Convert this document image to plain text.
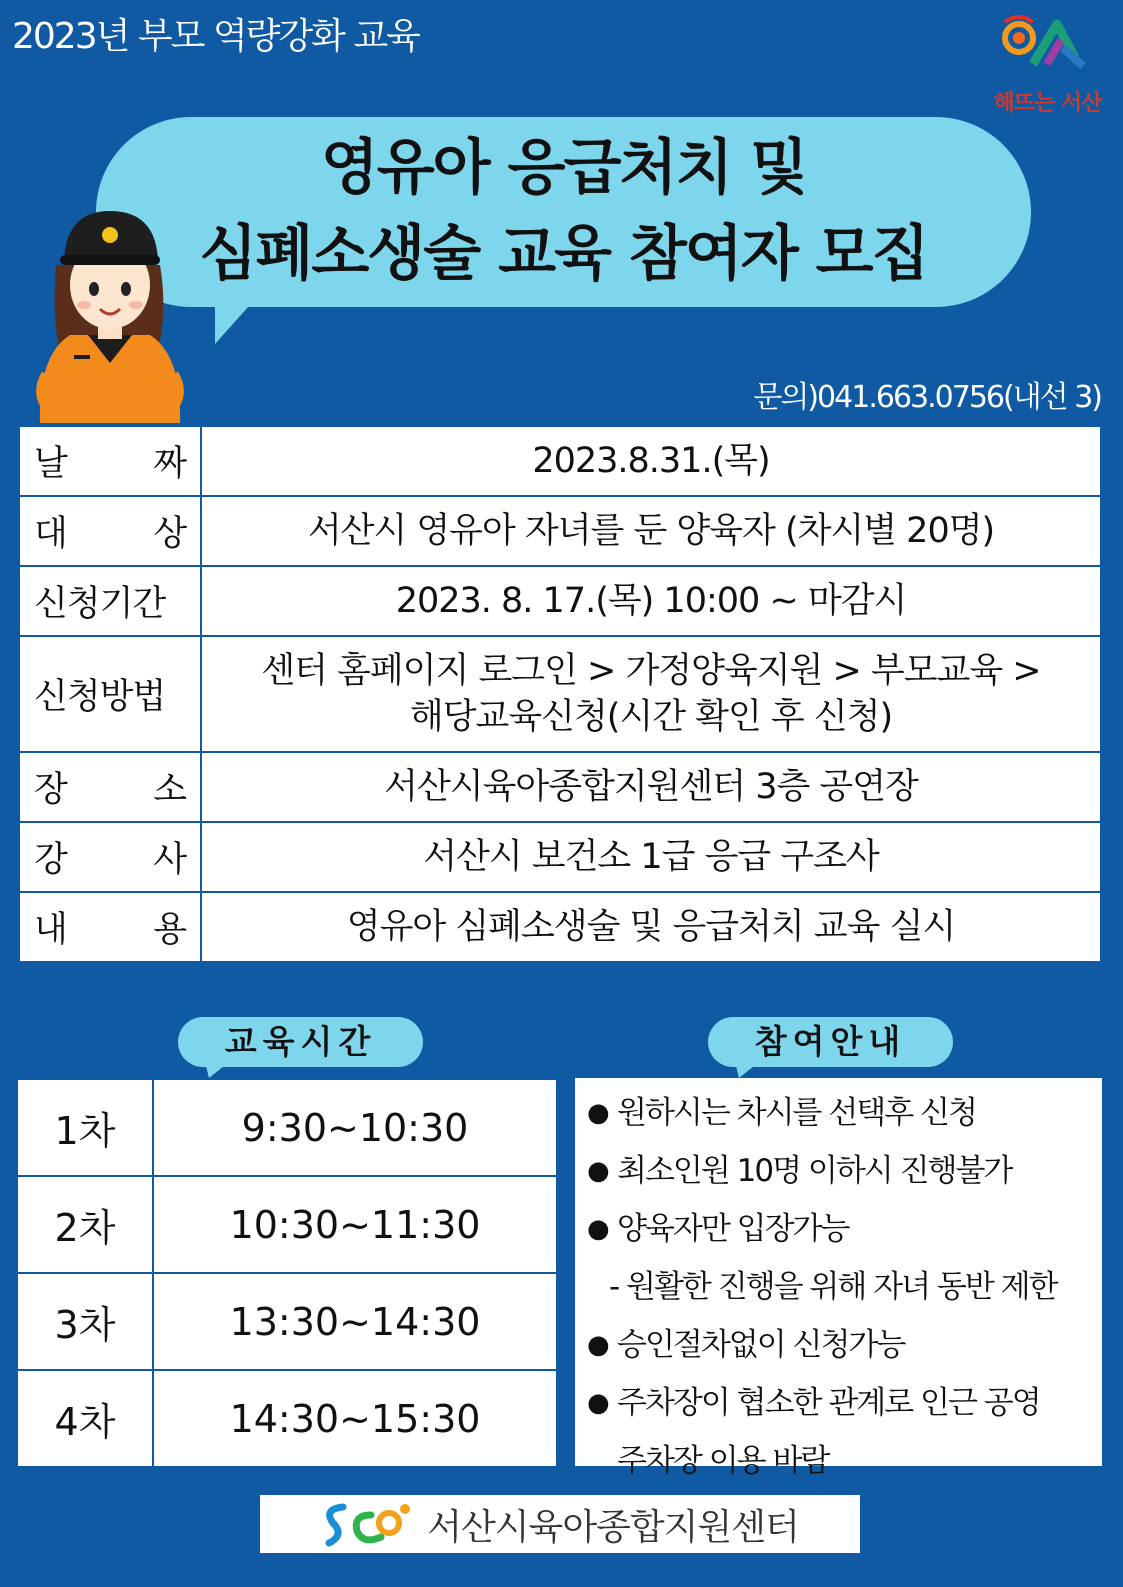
2023년 부모 역량강화 교육
해뜨는 서산
영유아 응급처치 및
심폐소생술 교육 참여자 모집
문의)041.663.0756(내선 3)
날 짜	2023.8.31.(목)

대 상	서산시 영유아 자녀를 둔 양육자 (차시별 20명)
신청기간	2023. 8. 17.(목) 10:00 ~ 마감시
신청방법	센터 홈페이지 로그인 > 가정양육지원 > 부모교육 >
해당교육신청(시간 확인 후 신청)

장 소	서산시육아종합지원센터 3층 공연장

강 사	서산시 보건소 1급 응급 구조사

내 용	영유아 심폐소생술 및 응급처치 교육 실시
교육시간
1차	9:30~10:30
2차	10:30~11:30
3차	13:30~14:30
4차	14:30~15:30
참여안내
● 원하시는 차시를 선택후 신청
● 최소인원 10명 이하시 진행불가
● 양육자만 입장가능
- 원활한 진행을 위해 자녀 동반 제한
● 승인절차없이 신청가능
● 주차장이 협소한 관계로 인근 공영
주차장 이용 바람
서산시육아종합지원센터
